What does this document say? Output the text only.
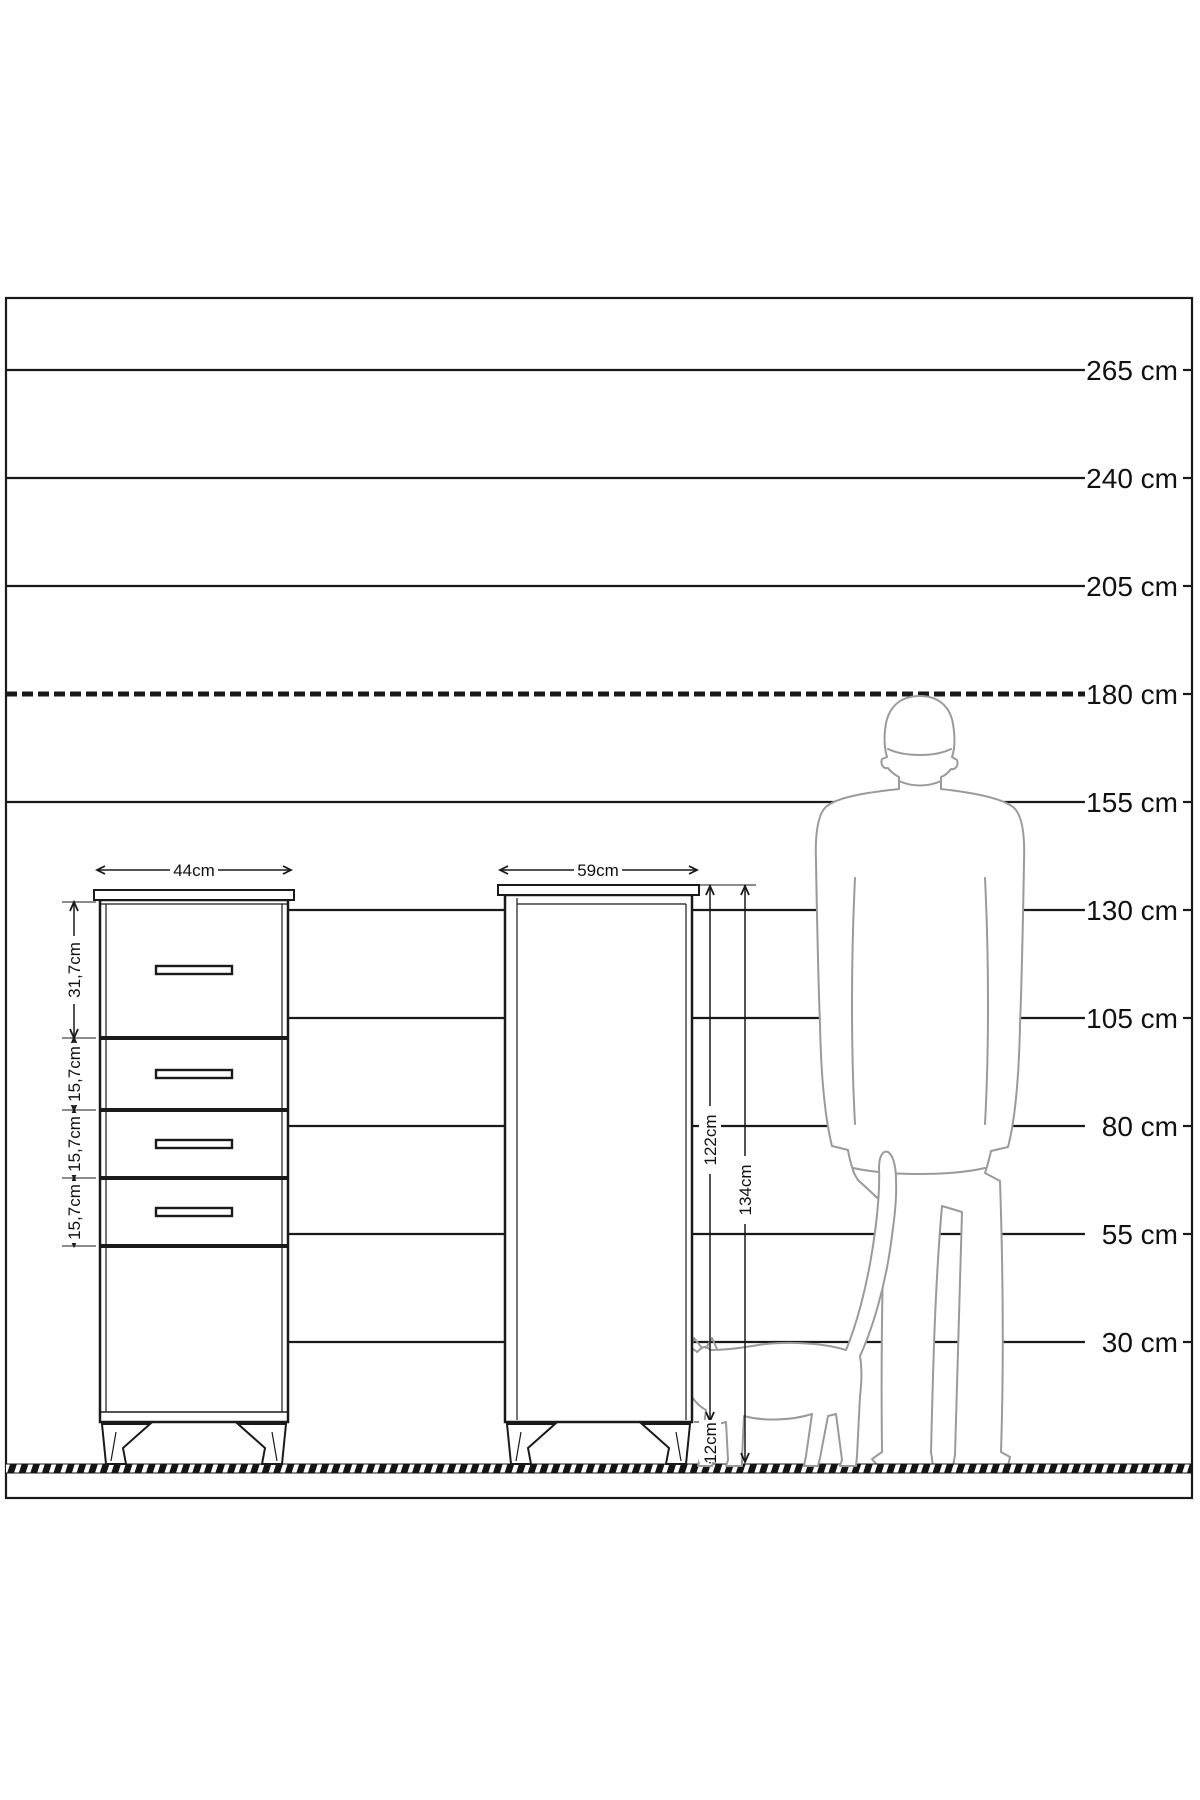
44cm
31,7cm
15,7cm
15,7cm
15,7cm
59cm
122cm
134cm
12cm
265 cm
240 cm
205 cm
180 cm
155 cm
130 cm
105 cm
80 cm
55 cm
30 cm
